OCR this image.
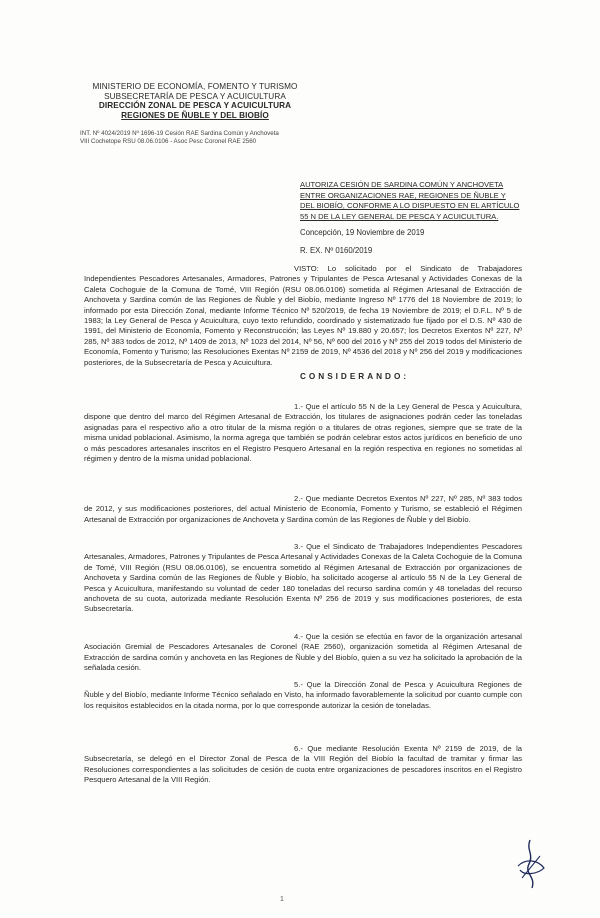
MINISTERIO DE ECONOMÍA, FOMENTO Y TURISMO
SUBSECRETARÍA DE PESCA Y ACUICULTURA
DIRECCIÓN ZONAL DE PESCA Y ACUICULTURA
REGIONES DE ÑUBLE Y DEL BIOBÍO
INT. Nº 4024/2019 Nº 1696-19 Cesión RAE Sardina Común y Anchoveta
VIII Cochetope RSU 08.06.0106 - Asoc Pesc Coronel RAE 2560
AUTORIZA CESIÓN DE SARDINA COMÚN Y ANCHOVETA ENTRE ORGANIZACIONES RAE, REGIONES DE ÑUBLE Y DEL BIOBÍO, CONFORME A LO DISPUESTO EN EL ARTÍCULO 55 N DE LA LEY GENERAL DE PESCA Y ACUICULTURA.
Concepción, 19 Noviembre de 2019
R. EX. Nº 0160/2019
VISTO: Lo solicitado por el Sindicato de Trabajadores Independientes Pescadores Artesanales, Armadores, Patrones y Tripulantes de Pesca Artesanal y Actividades Conexas de la Caleta Cochoguie de la Comuna de Tomé, VIII Región (RSU 08.06.0106) sometida al Régimen Artesanal de Extracción de Anchoveta y Sardina común de las Regiones de Ñuble y del Biobío, mediante Ingreso Nº 1776 del 18 Noviembre de 2019; lo informado por esta Dirección Zonal, mediante Informe Técnico Nº 520/2019, de fecha 19 Noviembre de 2019; el D.F.L. Nº 5 de 1983; la Ley General de Pesca y Acuicultura, cuyo texto refundido, coordinado y sistematizado fue fijado por el D.S. Nº 430 de 1991, del Ministerio de Economía, Fomento y Reconstrucción; las Leyes Nº 19.880 y 20.657; los Decretos Exentos Nº 227, Nº 285, Nº 383 todos de 2012, Nº 1409 de 2013, Nº 1023 del 2014, Nº 56, Nº 600 del 2016 y Nº 255 del 2019 todos del Ministerio de Economía, Fomento y Turismo; las Resoluciones Exentas Nº 2159 de 2019, Nº 4536 del 2018 y Nº 256 del 2019 y modificaciones posteriores, de la Subsecretaría de Pesca y Acuicultura.
CONSIDERANDO:
1.- Que el artículo 55 N de la Ley General de Pesca y Acuicultura, dispone que dentro del marco del Régimen Artesanal de Extracción, los titulares de asignaciones podrán ceder las toneladas asignadas para el respectivo año a otro titular de la misma región o a titulares de otras regiones, siempre que se trate de la misma unidad poblacional. Asimismo, la norma agrega que también se podrán celebrar estos actos jurídicos en beneficio de uno o más pescadores artesanales inscritos en el Registro Pesquero Artesanal en la región respectiva en regiones no sometidas al régimen y dentro de la misma unidad poblacional.
2.- Que mediante Decretos Exentos Nº 227, Nº 285, Nº 383 todos de 2012, y sus modificaciones posteriores, del actual Ministerio de Economía, Fomento y Turismo, se estableció el Régimen Artesanal de Extracción por organizaciones de Anchoveta y Sardina común de las Regiones de Ñuble y del Biobío.
3.- Que el Sindicato de Trabajadores Independientes Pescadores Artesanales, Armadores, Patrones y Tripulantes de Pesca Artesanal y Actividades Conexas de la Caleta Cochoguie de la Comuna de Tomé, VIII Región (RSU 08.06.0106), se encuentra sometido al Régimen Artesanal de Extracción por organizaciones de Anchoveta y Sardina común de las Regiones de Ñuble y Biobío, ha solicitado acogerse al artículo 55 N de la Ley General de Pesca y Acuicultura, manifestando su voluntad de ceder 180 toneladas del recurso sardina común y 48 toneladas del recurso anchoveta de su cuota, autorizada mediante Resolución Exenta Nº 256 de 2019 y sus modificaciones posteriores, de esta Subsecretaría.
4.- Que la cesión se efectúa en favor de la organización artesanal Asociación Gremial de Pescadores Artesanales de Coronel (RAE 2560), organización sometida al Régimen Artesanal de Extracción de sardina común y anchoveta en las Regiones de Ñuble y del Biobío, quien a su vez ha solicitado la aprobación de la señalada cesión.
5.- Que la Dirección Zonal de Pesca y Acuicultura Regiones de Ñuble y del Biobío, mediante Informe Técnico señalado en Visto, ha informado favorablemente la solicitud por cuanto cumple con los requisitos establecidos en la citada norma, por lo que corresponde autorizar la cesión de toneladas.
6.- Que mediante Resolución Exenta Nº 2159 de 2019, de la Subsecretaría, se delegó en el Director Zonal de Pesca de la VIII Región del Biobío la facultad de tramitar y firmar las Resoluciones correspondientes a las solicitudes de cesión de cuota entre organizaciones de pescadores inscritos en el Registro Pesquero Artesanal de la VIII Región.
1
